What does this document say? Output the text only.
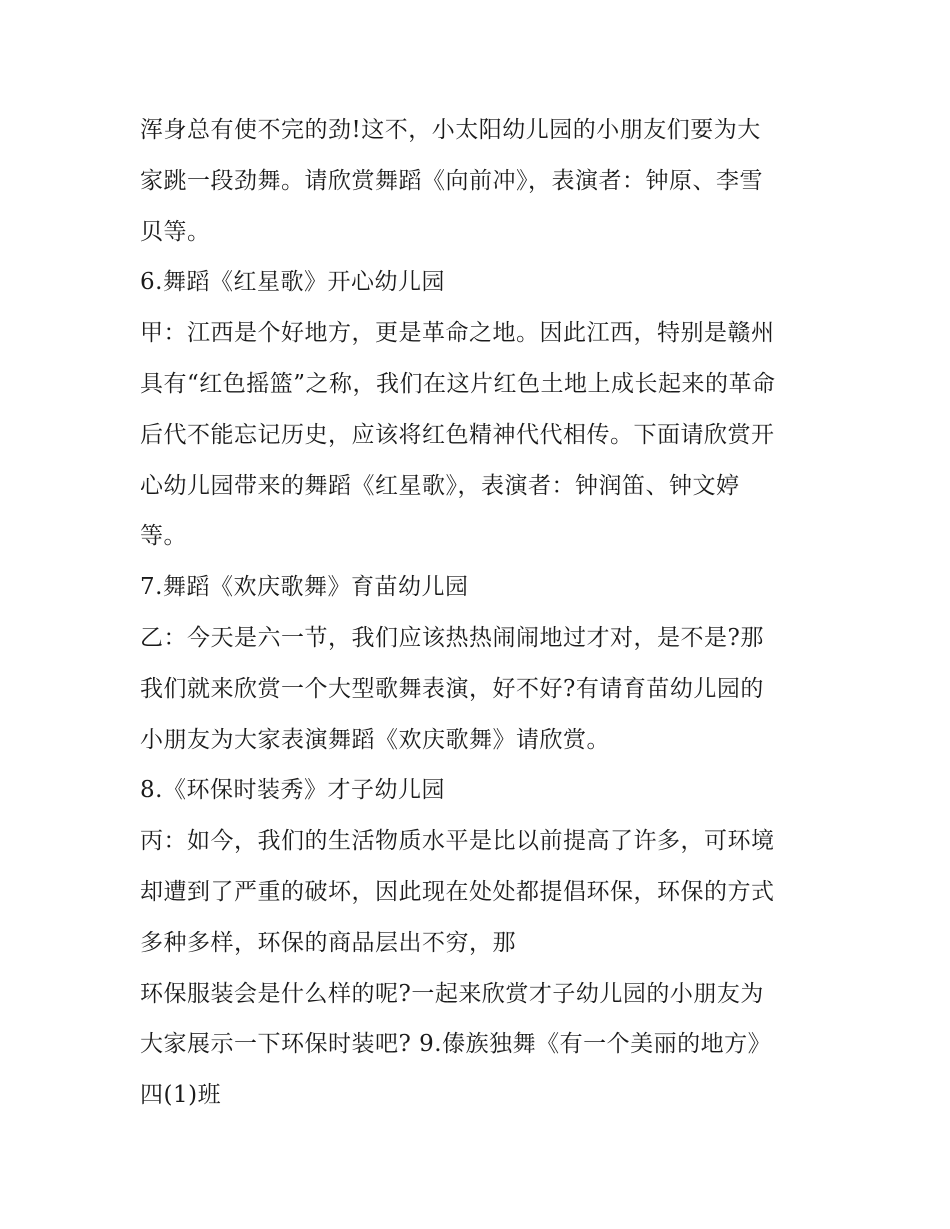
浑身总有使不完的劲!这不，小太阳幼儿园的小朋友们要为大
家跳一段劲舞。请欣赏舞蹈《向前冲》，表演者：钟原、李雪
贝等。
6.舞蹈《红星歌》开心幼儿园
甲：江西是个好地方，更是革命之地。因此江西，特别是赣州
具有“红色摇篮”之称，我们在这片红色土地上成长起来的革命
后代不能忘记历史，应该将红色精神代代相传。下面请欣赏开
心幼儿园带来的舞蹈《红星歌》，表演者：钟润笛、钟文婷
等。
7.舞蹈《欢庆歌舞》育苗幼儿园
乙：今天是六一节，我们应该热热闹闹地过才对，是不是?那
我们就来欣赏一个大型歌舞表演，好不好?有请育苗幼儿园的
小朋友为大家表演舞蹈《欢庆歌舞》请欣赏。
8.《环保时装秀》才子幼儿园
丙：如今，我们的生活物质水平是比以前提高了许多，可环境
却遭到了严重的破坏，因此现在处处都提倡环保，环保的方式
多种多样，环保的商品层出不穷，那
环保服装会是什么样的呢?一起来欣赏才子幼儿园的小朋友为
大家展示一下环保时装吧? 9.傣族独舞《有一个美丽的地方》
四(1)班
